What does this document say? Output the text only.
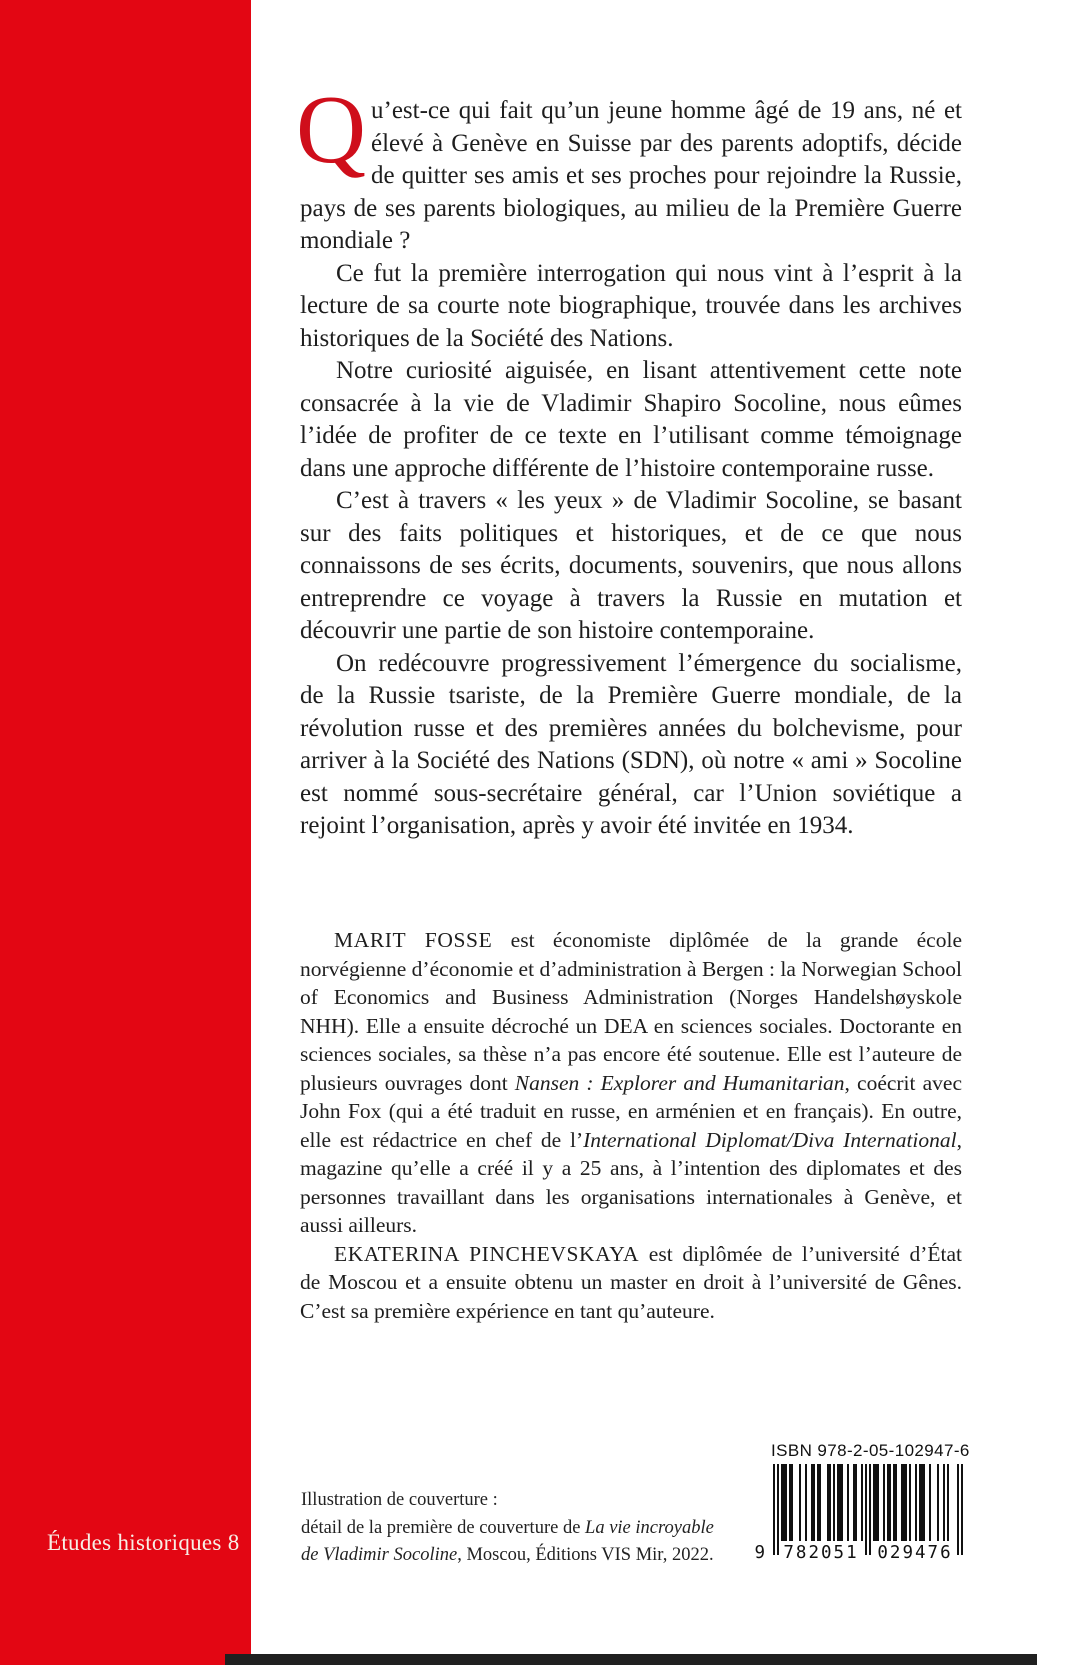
Études historiques 8

Q u’est-ce qui fait qu’un jeune homme âgé de 19 ans, né et élevé à Genève en Suisse par des parents adoptifs, décide de quitter ses amis et ses proches pour rejoindre la Russie, pays de ses parents biologiques, au milieu de la Première Guerre mondiale ?

Ce fut la première interrogation qui nous vint à l’esprit à la lecture de sa courte note biographique, trouvée dans les archives historiques de la Société des Nations.

Notre curiosité aiguisée, en lisant attentivement cette note consacrée à la vie de Vladimir Shapiro Socoline, nous eûmes l’idée de profiter de ce texte en l’utilisant comme témoignage dans une approche différente de l’histoire contemporaine russe.

C’est à travers « les yeux » de Vladimir Socoline, se basant sur des faits politiques et historiques, et de ce que nous connaissons de ses écrits, documents, souvenirs, que nous allons entreprendre ce voyage à travers la Russie en mutation et découvrir une partie de son histoire contemporaine.

On redécouvre progressivement l’émergence du socialisme, de la Russie tsariste, de la Première Guerre mondiale, de la révolution russe et des premières années du bolchevisme, pour arriver à la Société des Nations (SDN), où notre « ami » Socoline est nommé sous-secrétaire général, car l’Union soviétique a rejoint l’organisation, après y avoir été invitée en 1934.

MARIT FOSSE est économiste diplômée de la grande école norvégienne d’économie et d’administration à Bergen : la Norwegian School of Economics and Business Administration (Norges Handelshøyskole NHH). Elle a ensuite décroché un DEA en sciences sociales. Doctorante en sciences sociales, sa thèse n’a pas encore été soutenue. Elle est l’auteure de plusieurs ouvrages dont Nansen : Explorer and Humanitarian, coécrit avec John Fox (qui a été traduit en russe, en arménien et en français). En outre, elle est rédactrice en chef de l’International Diplomat/Diva International, magazine qu’elle a créé il y a 25 ans, à l’intention des diplomates et des personnes travaillant dans les organisations internationales à Genève, et aussi ailleurs.

EKATERINA PINCHEVSKAYA est diplômée de l’université d’État de Moscou et a ensuite obtenu un master en droit à l’université de Gênes. C’est sa première expérience en tant qu’auteure.

Illustration de couverture :
détail de la première de couverture de La vie incroyable
de Vladimir Socoline, Moscou, Éditions VIS Mir, 2022.
ISBN 978-2-05-102947-6
9 782051 029476
